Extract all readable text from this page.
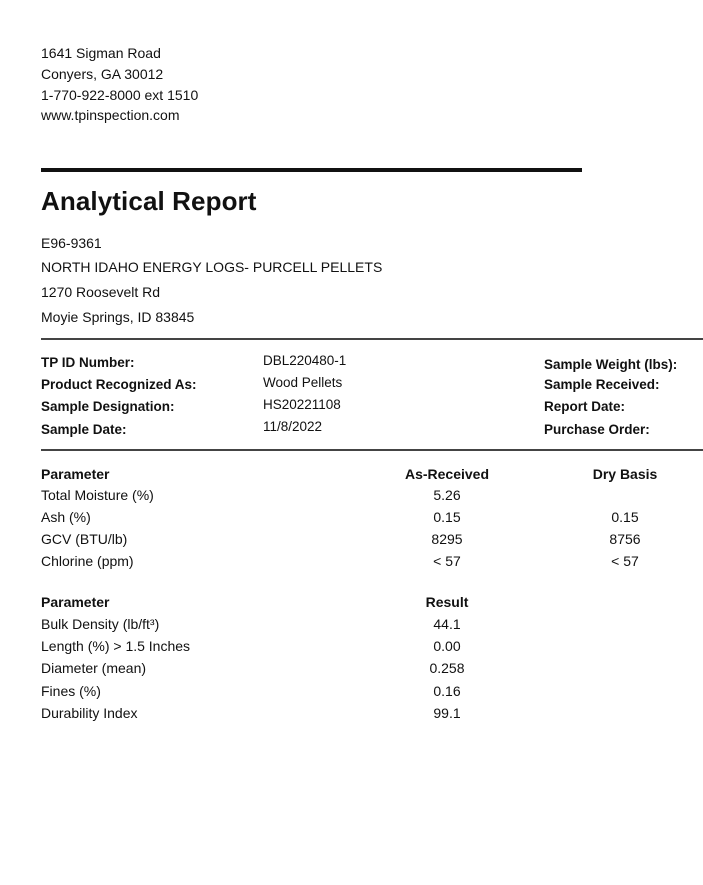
1641 Sigman Road
Conyers, GA 30012
1-770-922-8000 ext 1510
www.tpinspection.com
Analytical Report
E96-9361
NORTH IDAHO ENERGY LOGS- PURCELL PELLETS
1270 Roosevelt Rd
Moyie Springs, ID 83845
TP ID Number:	DBL220480-1	Sample Weight (lbs):
Product Recognized As:	Wood Pellets	Sample Received:
Sample Designation:	HS20221108	Report Date:
Sample Date:	11/8/2022	Purchase Order:
Parameter	As-Received	Dry Basis
Total Moisture (%)	5.26
Ash (%)	0.15	0.15
GCV (BTU/lb)	8295	8756
Chlorine (ppm)	< 57	< 57
Parameter	Result
Bulk Density (lb/ft³)	44.1
Length (%) > 1.5 Inches	0.00
Diameter (mean)	0.258
Fines (%)	0.16
Durability Index	99.1
